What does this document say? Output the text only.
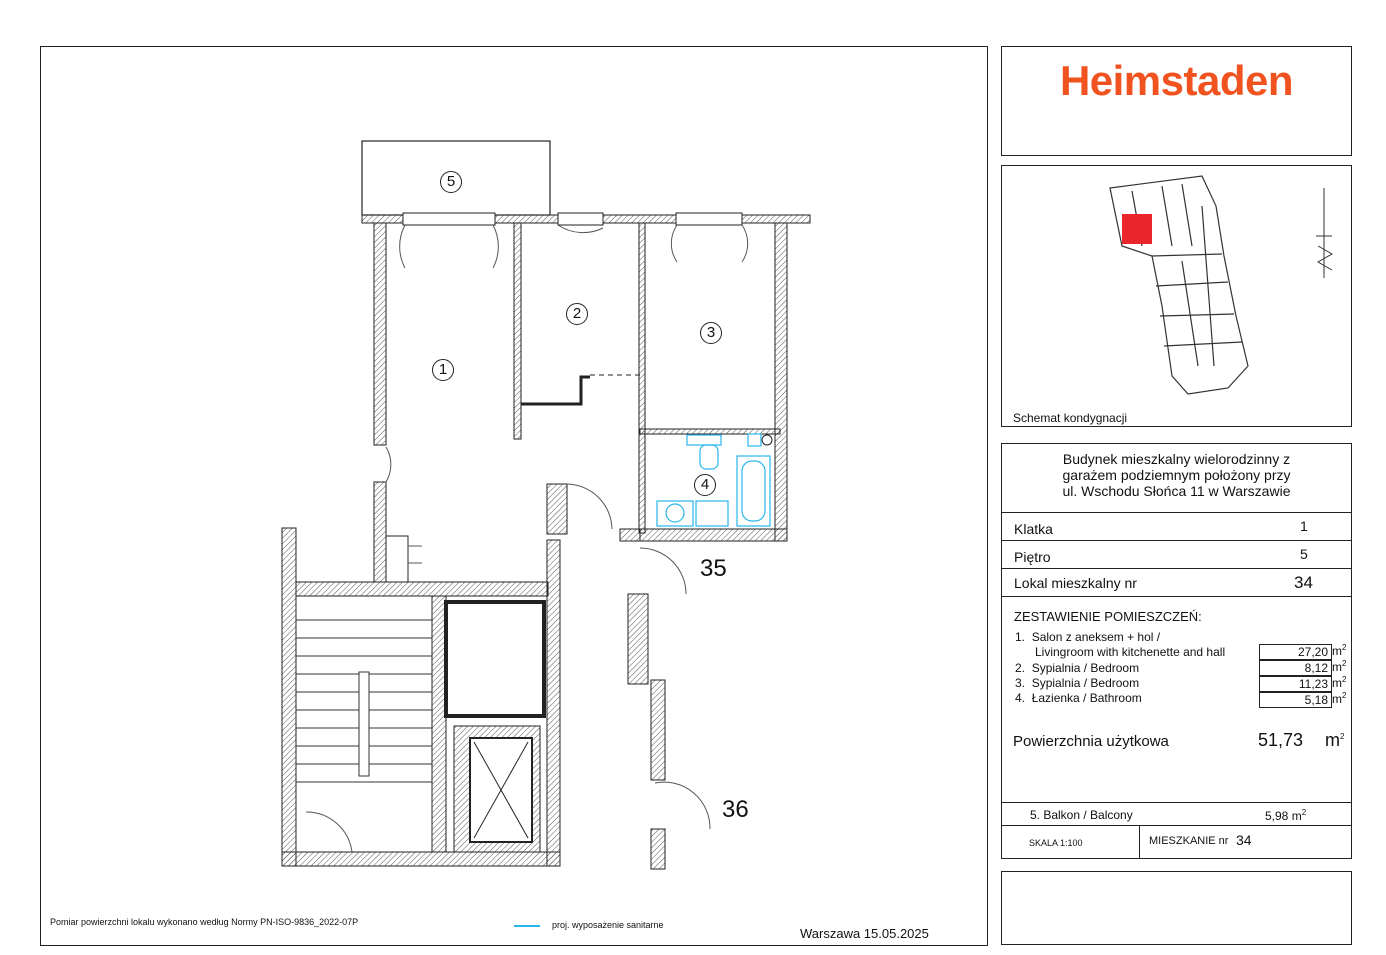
1
2
3
4
5
35
36
Pomiar powierzchni lokalu wykonano według Normy PN-ISO-9836_2022-07P	proj. wyposażenie sanitarne
Warszawa 15.05.2025
Heimstaden
Schemat kondygnacji
Budynek mieszkalny wielorodzinny z
garażem podziemnym położony przy
ul. Wschodu Słońca 11 w Warszawie
Klatka	1
Piętro	5
Lokal mieszkalny nr	34
ZESTAWIENIE POMIESZCZEŃ:
1. Salon z aneksem + hol /
Livingroom with kitchenette and hall	27,20 $m^2$
2. Sypialnia / Bedroom	8,12 $m^2$
3. Sypialnia / Bedroom	11,23 $m^2$
4. Łazienka / Bathroom	5,18 $m^2$
Powierzchnia użytkowa	51,73 $m^2$
5. Balkon / Balcony	5,98 $m^2$
SKALA 1:100	MIESZKANIE nr 34
